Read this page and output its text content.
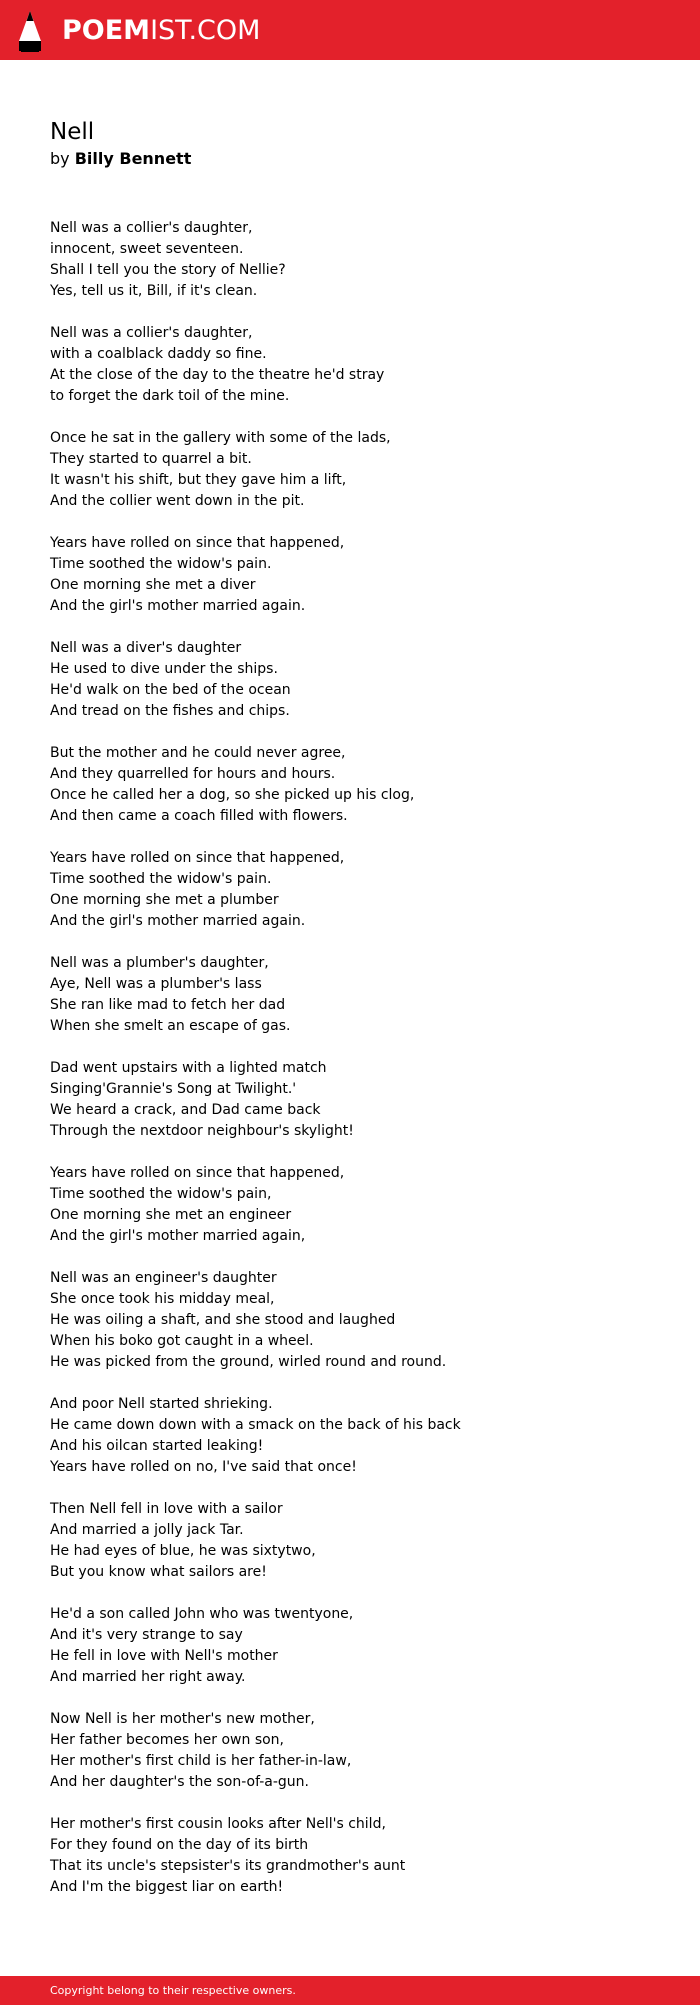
POEMIST.COM
Nell
by Billy Bennett
Nell was a collier's daughter,
innocent, sweet seventeen.
Shall I tell you the story of Nellie?
Yes, tell us it, Bill, if it's clean.
Nell was a collier's daughter,
with a coalblack daddy so fine.
At the close of the day to the theatre he'd stray
to forget the dark toil of the mine.
Once he sat in the gallery with some of the lads,
They started to quarrel a bit.
It wasn't his shift, but they gave him a lift,
And the collier went down in the pit.
Years have rolled on since that happened,
Time soothed the widow's pain.
One morning she met a diver
And the girl's mother married again.
Nell was a diver's daughter
He used to dive under the ships.
He'd walk on the bed of the ocean
And tread on the fishes and chips.
But the mother and he could never agree,
And they quarrelled for hours and hours.
Once he called her a dog, so she picked up his clog,
And then came a coach filled with flowers.
Years have rolled on since that happened,
Time soothed the widow's pain.
One morning she met a plumber
And the girl's mother married again.
Nell was a plumber's daughter,
Aye, Nell was a plumber's lass
She ran like mad to fetch her dad
When she smelt an escape of gas.
Dad went upstairs with a lighted match
Singing'Grannie's Song at Twilight.'
We heard a crack, and Dad came back
Through the nextdoor neighbour's skylight!
Years have rolled on since that happened,
Time soothed the widow's pain,
One morning she met an engineer
And the girl's mother married again,
Nell was an engineer's daughter
She once took his midday meal,
He was oiling a shaft, and she stood and laughed
When his boko got caught in a wheel.
He was picked from the ground, wirled round and round.
And poor Nell started shrieking.
He came down down with a smack on the back of his back
And his oilcan started leaking!
Years have rolled on no, I've said that once!
Then Nell fell in love with a sailor
And married a jolly jack Tar.
He had eyes of blue, he was sixtytwo,
But you know what sailors are!
He'd a son called John who was twentyone,
And it's very strange to say
He fell in love with Nell's mother
And married her right away.
Now Nell is her mother's new mother,
Her father becomes her own son,
Her mother's first child is her father-in-law,
And her daughter's the son-of-a-gun.
Her mother's first cousin looks after Nell's child,
For they found on the day of its birth
That its uncle's stepsister's its grandmother's aunt
And I'm the biggest liar on earth!
Copyright belong to their respective owners.
